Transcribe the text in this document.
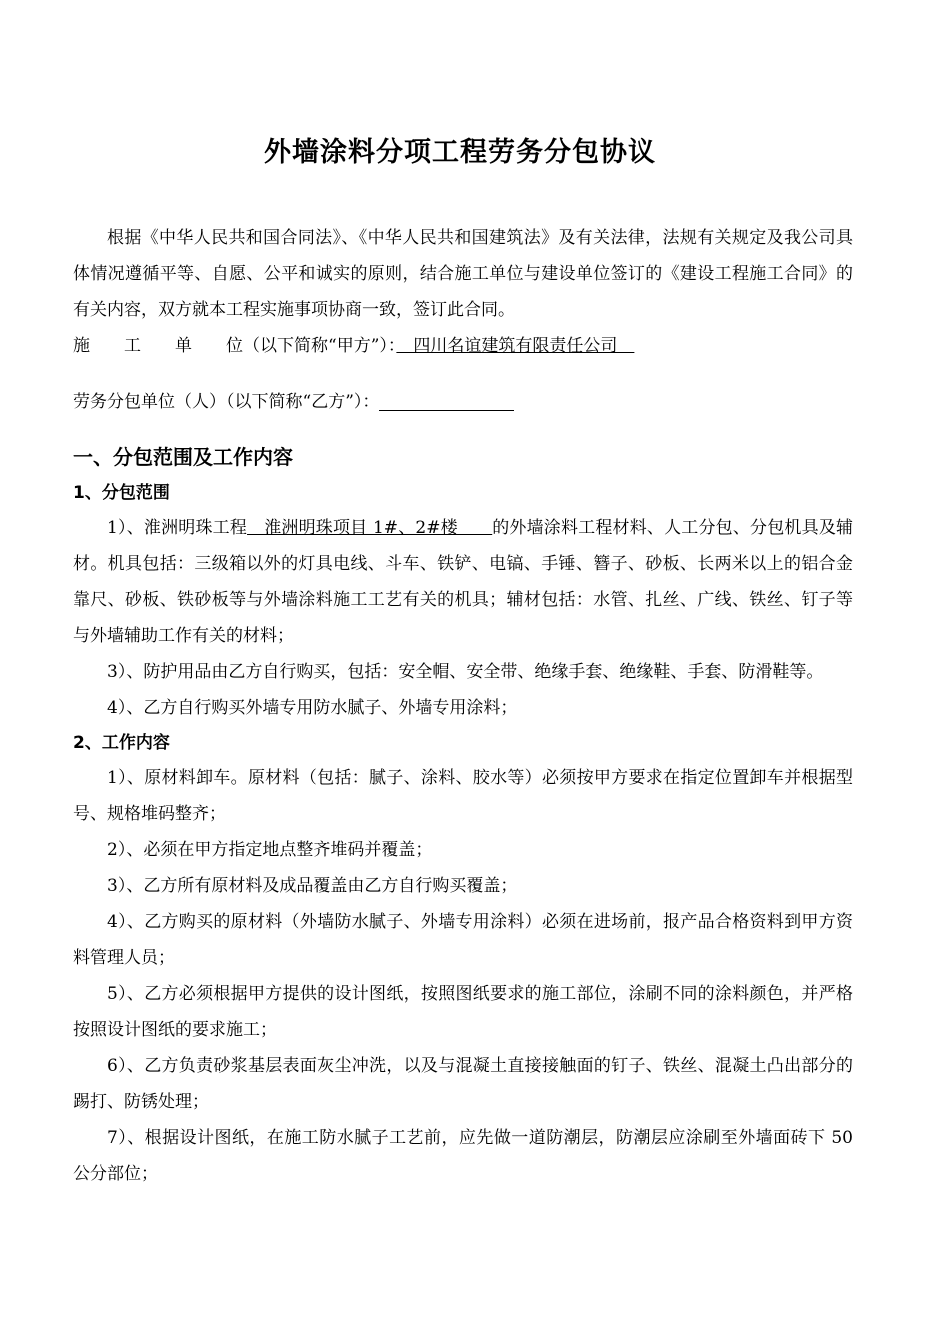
外墙涂料分项工程劳务分包协议

根据《中华人民共和国合同法》、《中华人民共和国建筑法》及有关法律，法规有关规定及我公司具体情况遵循平等、自愿、公平和诚实的原则，结合施工单位与建设单位签订的《建设工程施工合同》的有关内容，双方就本工程实施事项协商一致，签订此合同。

施　　工　　单　　位（以下简称“甲方”）：　四川名谊建筑有限责任公司　

劳务分包单位（人）（以下简称“乙方”）：

一、分包范围及工作内容

1、分包范围

1）、淮洲明珠工程　淮洲明珠项目 1#、2#楼　　的外墙涂料工程材料、人工分包、分包机具及辅材。机具包括：三级箱以外的灯具电线、斗车、铁铲、电镐、手锤、簪子、砂板、长两米以上的铝合金靠尺、砂板、铁砂板等与外墙涂料施工工艺有关的机具；辅材包括：水管、扎丝、广线、铁丝、钉子等与外墙辅助工作有关的材料；

3）、防护用品由乙方自行购买，包括：安全帽、安全带、绝缘手套、绝缘鞋、手套、防滑鞋等。

4）、乙方自行购买外墙专用防水腻子、外墙专用涂料；

2、工作内容

1）、原材料卸车。原材料（包括：腻子、涂料、胶水等）必须按甲方要求在指定位置卸车并根据型号、规格堆码整齐；

2）、必须在甲方指定地点整齐堆码并覆盖；

3）、乙方所有原材料及成品覆盖由乙方自行购买覆盖；

4）、乙方购买的原材料（外墙防水腻子、外墙专用涂料）必须在进场前，报产品合格资料到甲方资料管理人员；

5）、乙方必须根据甲方提供的设计图纸，按照图纸要求的施工部位，涂刷不同的涂料颜色，并严格按照设计图纸的要求施工；

6）、乙方负责砂浆基层表面灰尘冲洗，以及与混凝土直接接触面的钉子、铁丝、混凝土凸出部分的踢打、防锈处理；

7）、根据设计图纸，在施工防水腻子工艺前，应先做一道防潮层，防潮层应涂刷至外墙面砖下 50 公分部位；
